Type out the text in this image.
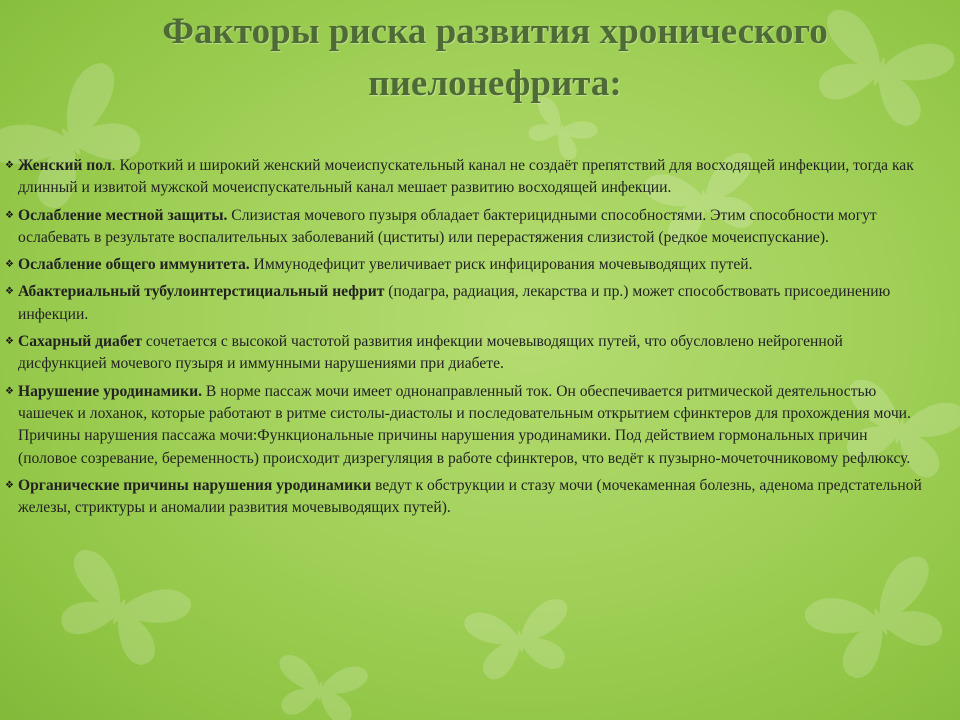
Факторы риска развития хронического пиелонефрита:

❖ Женский пол. Короткий и широкий женский мочеиспускательный канал не создаёт препятствий для восходящей инфекции, тогда как длинный и извитой мужской мочеиспускательный канал мешает развитию восходящей инфекции.

❖ Ослабление местной защиты. Слизистая мочевого пузыря обладает бактерицидными способностями. Этим способности могут ослабевать в результате воспалительных заболеваний (циститы) или перерастяжения слизистой (редкое мочеиспускание).

❖ Ослабление общего иммунитета. Иммунодефицит увеличивает риск инфицирования мочевыводящих путей.

❖ Абактериальный тубулоинтерстициальный нефрит (подагра, радиация, лекарства и пр.) может способствовать присоединению инфекции.

❖ Сахарный диабет сочетается с высокой частотой развития инфекции мочевыводящих путей, что обусловлено нейрогенной дисфункцией мочевого пузыря и иммунными нарушениями при диабете.

❖ Нарушение уродинамики. В норме пассаж мочи имеет однонаправленный ток. Он обеспечивается ритмической деятельностью чашечек и лоханок, которые работают в ритме систолы-диастолы и последовательным открытием сфинктеров для прохождения мочи. Причины нарушения пассажа мочи:Функциональные причины нарушения уродинамики. Под действием гормональных причин (половое созревание, беременность) происходит дизрегуляция в работе сфинктеров, что ведёт к пузырно-мочеточниковому рефлюксу.

❖ Органические причины нарушения уродинамики ведут к обструкции и стазу мочи (мочекаменная болезнь, аденома предстательной железы, стриктуры и аномалии развития мочевыводящих путей).
